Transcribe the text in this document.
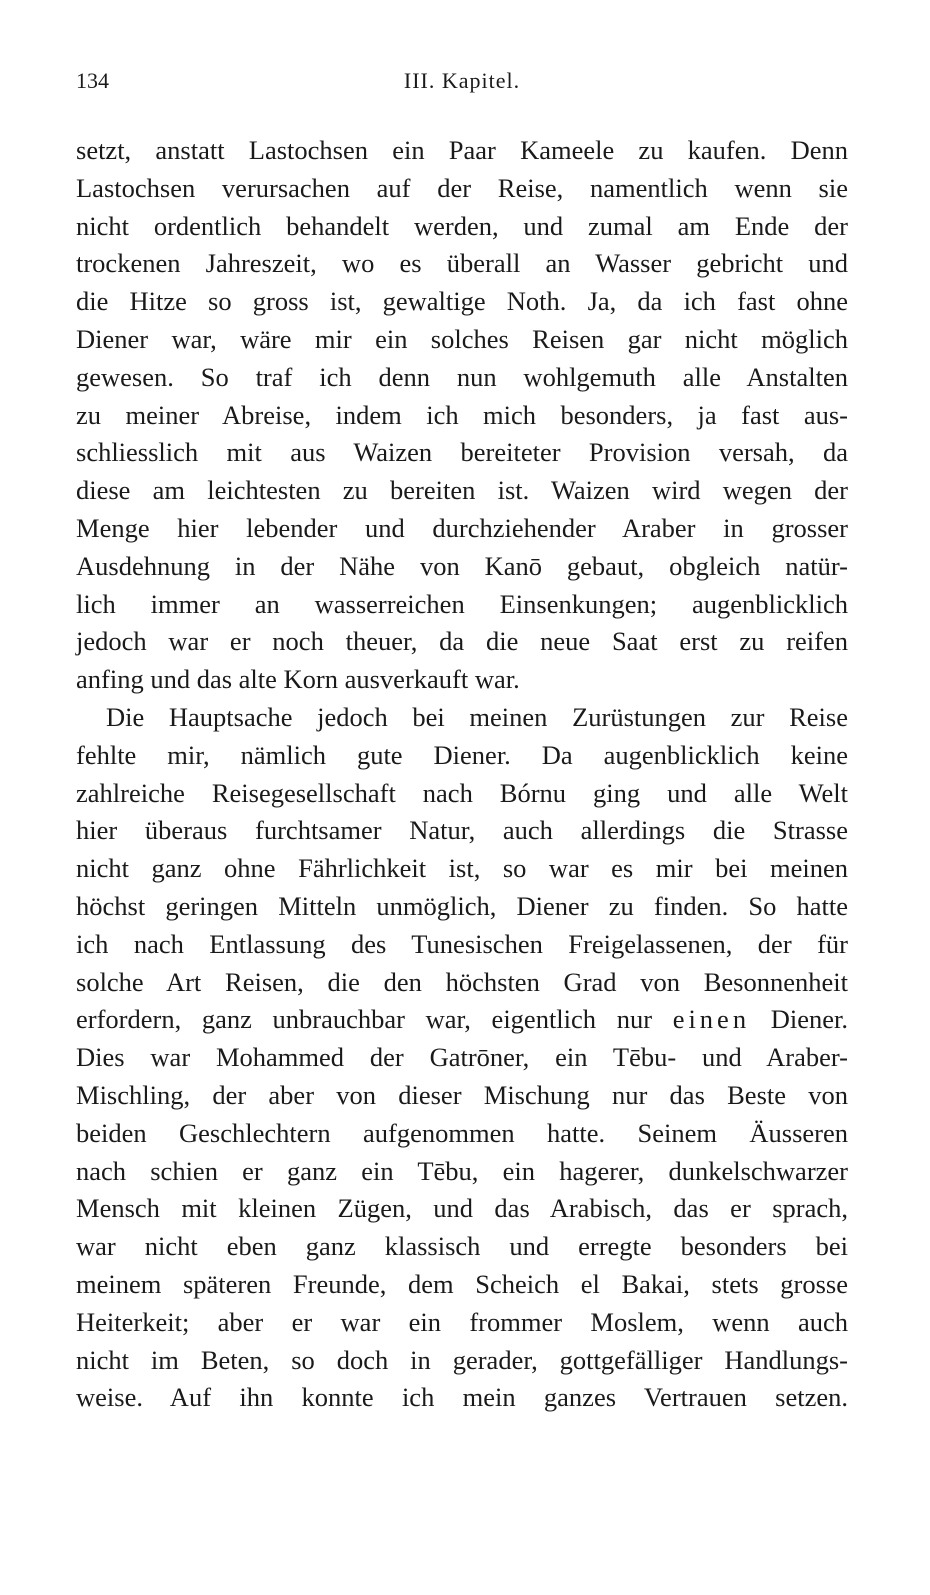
134	III. Kapitel.

setzt, anstatt Lastochsen ein Paar Kameele zu kaufen. Denn
Lastochsen verursachen auf der Reise, namentlich wenn sie
nicht ordentlich behandelt werden, und zumal am Ende der
trockenen Jahreszeit, wo es überall an Wasser gebricht und
die Hitze so gross ist, gewaltige Noth. Ja, da ich fast ohne
Diener war, wäre mir ein solches Reisen gar nicht möglich
gewesen. So traf ich denn nun wohlgemuth alle Anstalten
zu meiner Abreise, indem ich mich besonders, ja fast aus-
schliesslich mit aus Waizen bereiteter Provision versah, da
diese am leichtesten zu bereiten ist. Waizen wird wegen der
Menge hier lebender und durchziehender Araber in grosser
Ausdehnung in der Nähe von Kanō gebaut, obgleich natür-
lich immer an wasserreichen Einsenkungen; augenblicklich
jedoch war er noch theuer, da die neue Saat erst zu reifen
anfing und das alte Korn ausverkauft war.

Die Hauptsache jedoch bei meinen Zurüstungen zur Reise
fehlte mir, nämlich gute Diener. Da augenblicklich keine
zahlreiche Reisegesellschaft nach Bórnu ging und alle Welt
hier überaus furchtsamer Natur, auch allerdings die Strasse
nicht ganz ohne Fährlichkeit ist, so war es mir bei meinen
höchst geringen Mitteln unmöglich, Diener zu finden. So hatte
ich nach Entlassung des Tunesischen Freigelassenen, der für
solche Art Reisen, die den höchsten Grad von Besonnenheit
erfordern, ganz unbrauchbar war, eigentlich nur einen Diener.
Dies war Mohammed der Gatrōner, ein Tēbu- und Araber-
Mischling, der aber von dieser Mischung nur das Beste von
beiden Geschlechtern aufgenommen hatte. Seinem Äusseren
nach schien er ganz ein Tēbu, ein hagerer, dunkelschwarzer
Mensch mit kleinen Zügen, und das Arabisch, das er sprach,
war nicht eben ganz klassisch und erregte besonders bei
meinem späteren Freunde, dem Scheich el Bakai, stets grosse
Heiterkeit; aber er war ein frommer Moslem, wenn auch
nicht im Beten, so doch in gerader, gottgefälliger Handlungs-
weise. Auf ihn konnte ich mein ganzes Vertrauen setzen.
